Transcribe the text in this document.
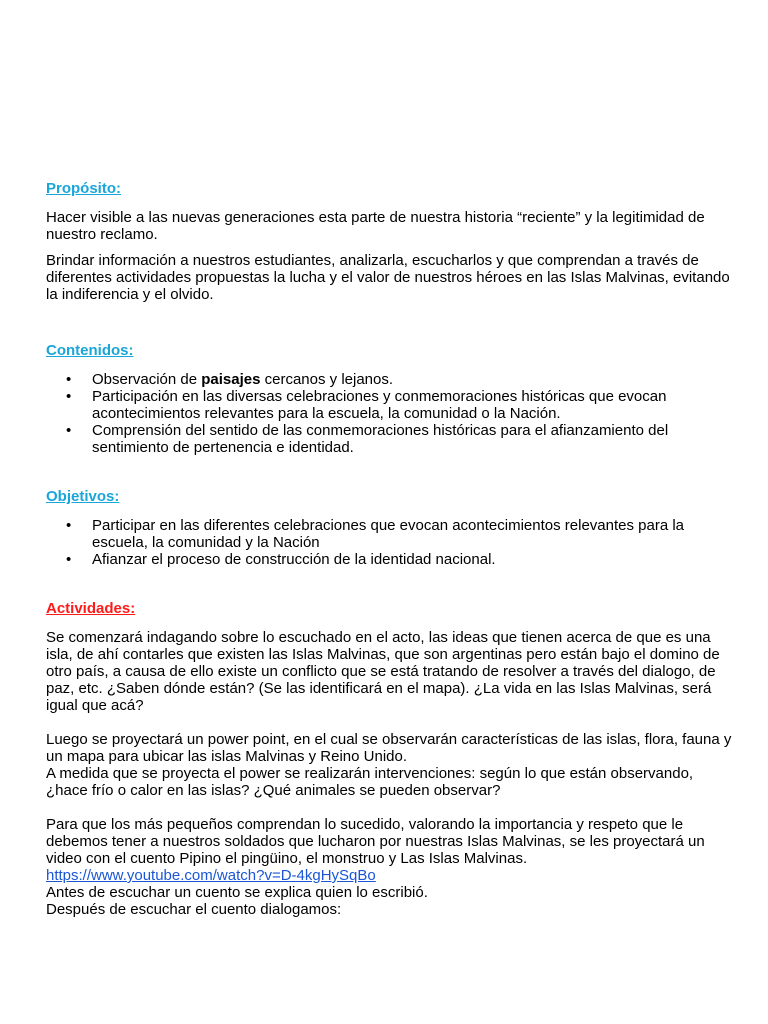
Propósito:

Hacer visible a las nuevas generaciones esta parte de nuestra historia “reciente” y la legitimidad de nuestro reclamo.

Brindar información a nuestros estudiantes, analizarla, escucharlos y que comprendan a través de diferentes actividades propuestas la lucha y el valor de nuestros héroes en las Islas Malvinas, evitando la indiferencia y el olvido.

Contenidos:
• Observación de paisajes cercanos y lejanos.
• Participación en las diversas celebraciones y conmemoraciones históricas que evocan acontecimientos relevantes para la escuela, la comunidad o la Nación.
• Comprensión del sentido de las conmemoraciones históricas para el afianzamiento del sentimiento de pertenencia e identidad.
Objetivos:
• Participar en las diferentes celebraciones que evocan acontecimientos relevantes para la escuela, la comunidad y la Nación
• Afianzar el proceso de construcción de la identidad nacional.
Actividades:

Se comenzará indagando sobre lo escuchado en el acto, las ideas que tienen acerca de que es una isla, de ahí contarles que existen las Islas Malvinas, que son argentinas pero están bajo el domino de otro país, a causa de ello existe un conflicto que se está tratando de resolver a través del dialogo, de paz, etc. ¿Saben dónde están? (Se las identificará en el mapa). ¿La vida en las Islas Malvinas, será igual que acá?

Luego se proyectará un power point, en el cual se observarán características de las islas, flora, fauna y un mapa para ubicar las islas Malvinas y Reino Unido.

A medida que se proyecta el power se realizarán intervenciones: según lo que están observando, ¿hace frío o calor en las islas? ¿Qué animales se pueden observar?

Para que los más pequeños comprendan lo sucedido, valorando la importancia y respeto que le debemos tener a nuestros soldados que lucharon por nuestras Islas Malvinas, se les proyectará un video con el cuento Pipino el pingüino, el monstruo y Las Islas Malvinas.

https://www.youtube.com/watch?v=D-4kgHySqBo

Antes de escuchar un cuento se explica quien lo escribió.

Después de escuchar el cuento dialogamos:
